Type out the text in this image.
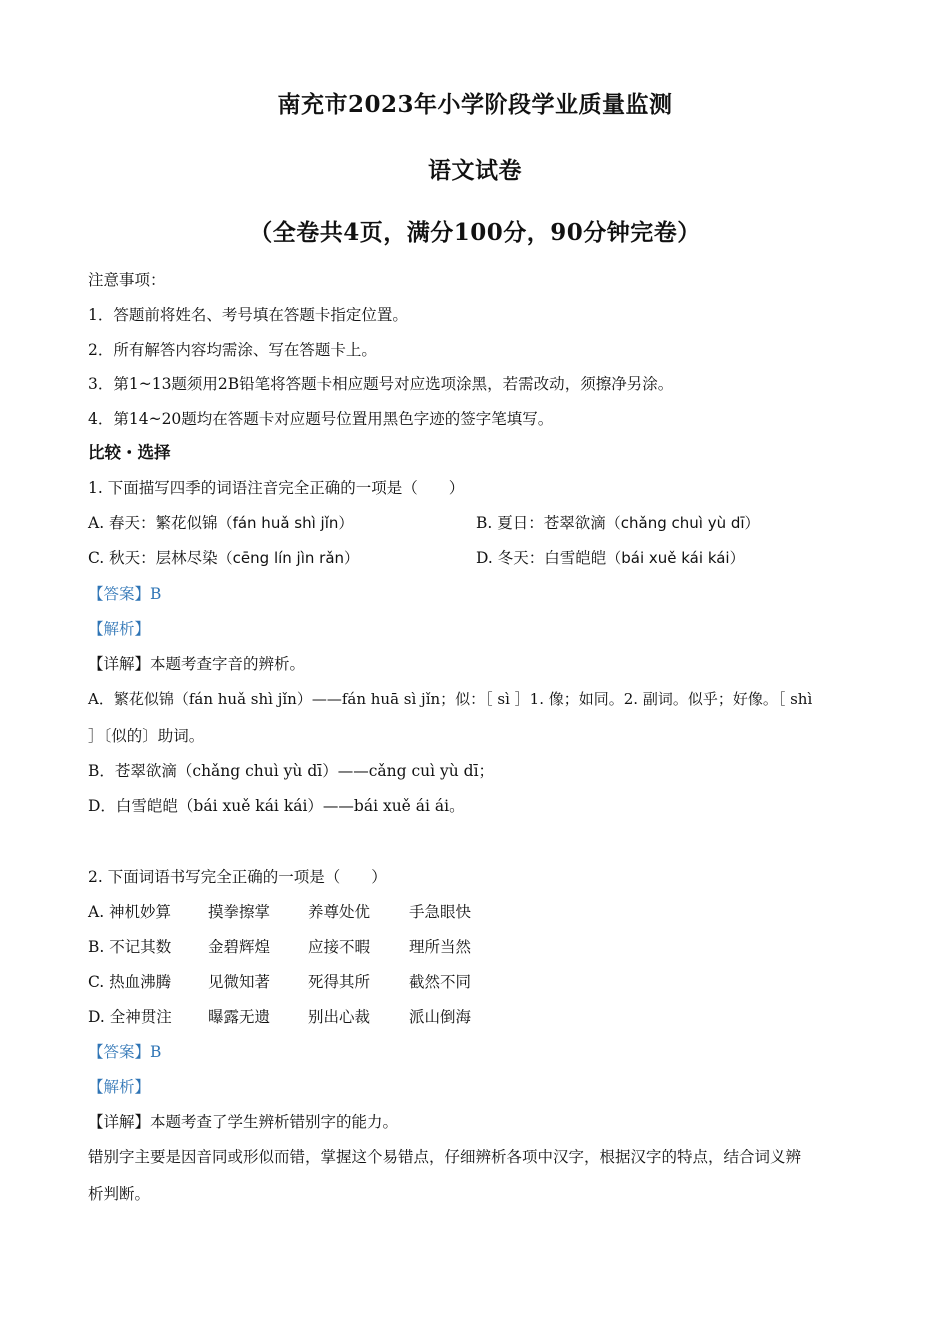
南充市2023年小学阶段学业质量监测
语文试卷
（全卷共4页，满分100分，90分钟完卷）
注意事项：
1．答题前将姓名、考号填在答题卡指定位置。
2．所有解答内容均需涂、写在答题卡上。
3．第1~13题须用2B铅笔将答题卡相应题号对应选项涂黑，若需改动，须擦净另涂。
4．第14~20题均在答题卡对应题号位置用黑色字迹的签字笔填写。
比较・选择
1. 下面描写四季的词语注音完全正确的一项是（　　）
A. 春天：繁花似锦（fán huǎ shì jǐn）	B. 夏日：苍翠欲滴（chǎng chuì yù dī）
C. 秋天：层林尽染（cēng lín jìn rǎn）	D. 冬天：白雪皑皑（bái xuě kái kái）
【答案】B
【解析】
【详解】本题考查字音的辨析。
A．繁花似锦（fán huǎ shì jǐn）——fán huā sì jǐn；似：［ sì ］1. 像；如同。2. 副词。似乎；好像。［ shì
］〔似的〕助词。
B．苍翠欲滴（chǎng chuì yù dī）——cǎng cuì yù dī；
D．白雪皑皑（bái xuě kái kái）——bái xuě ái ái。
2. 下面词语书写完全正确的一项是（　　）
A. 神机妙算 摸拳擦掌 养尊处优	手急眼快
B. 不记其数 金碧辉煌 应接不暇	理所当然
C. 热血沸腾 见微知著 死得其所	截然不同
D. 全神贯注 曝露无遗 别出心裁	派山倒海
【答案】B
【解析】
【详解】本题考查了学生辨析错别字的能力。
错别字主要是因音同或形似而错，掌握这个易错点，仔细辨析各项中汉字，根据汉字的特点，结合词义辨
析判断。
